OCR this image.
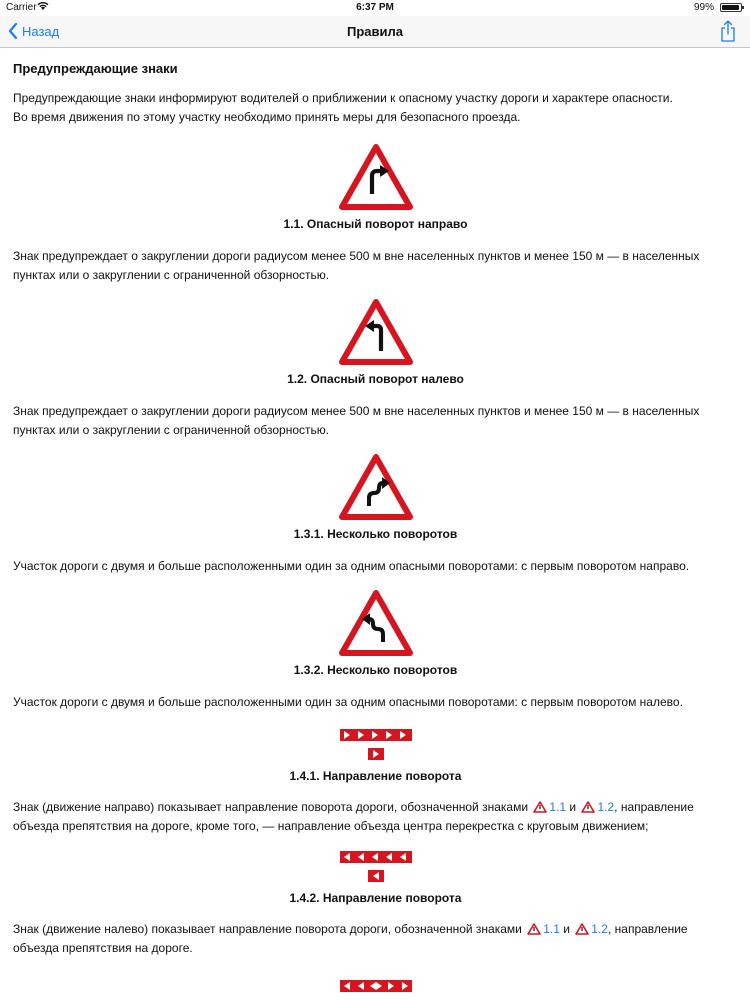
Carrier	6:37 PM	99%
Назад	Правила
Предупреждающие знаки

Предупреждающие знаки информируют водителей о приближении к опасному участку дороги и характере опасности.

Во время движения по этому участку необходимо принять меры для безопасного проезда.

1.1. Опасный поворот направо

Знак предупреждает о закруглении дороги радиусом менее 500 м вне населенных пунктов и менее 150 м — в населенных

пунктах или о закруглении с ограниченной обзорностью.

1.2. Опасный поворот налево

Знак предупреждает о закруглении дороги радиусом менее 500 м вне населенных пунктов и менее 150 м — в населенных

пунктах или о закруглении с ограниченной обзорностью.

1.3.1. Несколько поворотов

Участок дороги с двумя и больше расположенными один за одним опасными поворотами: с первым поворотом направо.

1.3.2. Несколько поворотов

Участок дороги с двумя и больше расположенными один за одним опасными поворотами: с первым поворотом налево.

1.4.1. Направление поворота

Знак (движение направо) показывает направление поворота дороги, обозначенной знаками 1.1 и 1.2, направление

объезда препятствия на дороге, кроме того, — направление объезда центра перекрестка с круговым движением;

1.4.2. Направление поворота

Знак (движение налево) показывает направление поворота дороги, обозначенной знаками 1.1 и 1.2, направление

объезда препятствия на дороге.
